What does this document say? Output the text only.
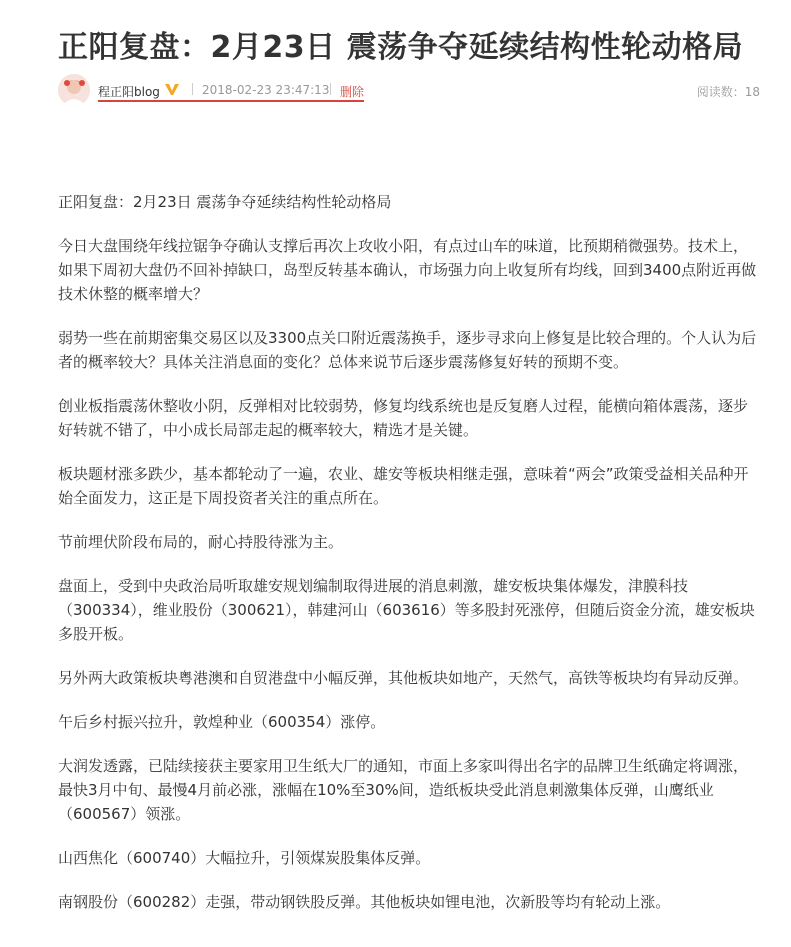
正阳复盘：2月23日 震荡争夺延续结构性轮动格局
程正阳blog	2018-02-23 23:47:13 删除	阅读数：18

正阳复盘：2月23日 震荡争夺延续结构性轮动格局

今日大盘围绕年线拉锯争夺确认支撑后再次上攻收小阳，有点过山车的味道，比预期稍微强势。技术上，如果下周初大盘仍不回补掉缺口，岛型反转基本确认，市场强力向上收复所有均线，回到3400点附近再做技术休整的概率增大？

弱势一些在前期密集交易区以及3300点关口附近震荡换手，逐步寻求向上修复是比较合理的。个人认为后者的概率较大？具体关注消息面的变化？总体来说节后逐步震荡修复好转的预期不变。

创业板指震荡休整收小阴，反弹相对比较弱势，修复均线系统也是反复磨人过程，能横向箱体震荡，逐步好转就不错了，中小成长局部走起的概率较大，精选才是关键。

板块题材涨多跌少，基本都轮动了一遍，农业、雄安等板块相继走强，意味着“两会”政策受益相关品种开始全面发力，这正是下周投资者关注的重点所在。

节前埋伏阶段布局的，耐心持股待涨为主。

盘面上，受到中央政治局听取雄安规划编制取得进展的消息刺激，雄安板块集体爆发，津膜科技（300334），维业股份（300621），韩建河山（603616）等多股封死涨停，但随后资金分流，雄安板块多股开板。

另外两大政策板块粤港澳和自贸港盘中小幅反弹，其他板块如地产，天然气，高铁等板块均有异动反弹。

午后乡村振兴拉升，敦煌种业（600354）涨停。

大润发透露，已陆续接获主要家用卫生纸大厂的通知，市面上多家叫得出名字的品牌卫生纸确定将调涨，最快3月中旬、最慢4月前必涨，涨幅在10%至30%间，造纸板块受此消息刺激集体反弹，山鹰纸业（600567）领涨。

山西焦化（600740）大幅拉升，引领煤炭股集体反弹。

南钢股份（600282）走强，带动钢铁股反弹。其他板块如锂电池，次新股等均有轮动上涨。
